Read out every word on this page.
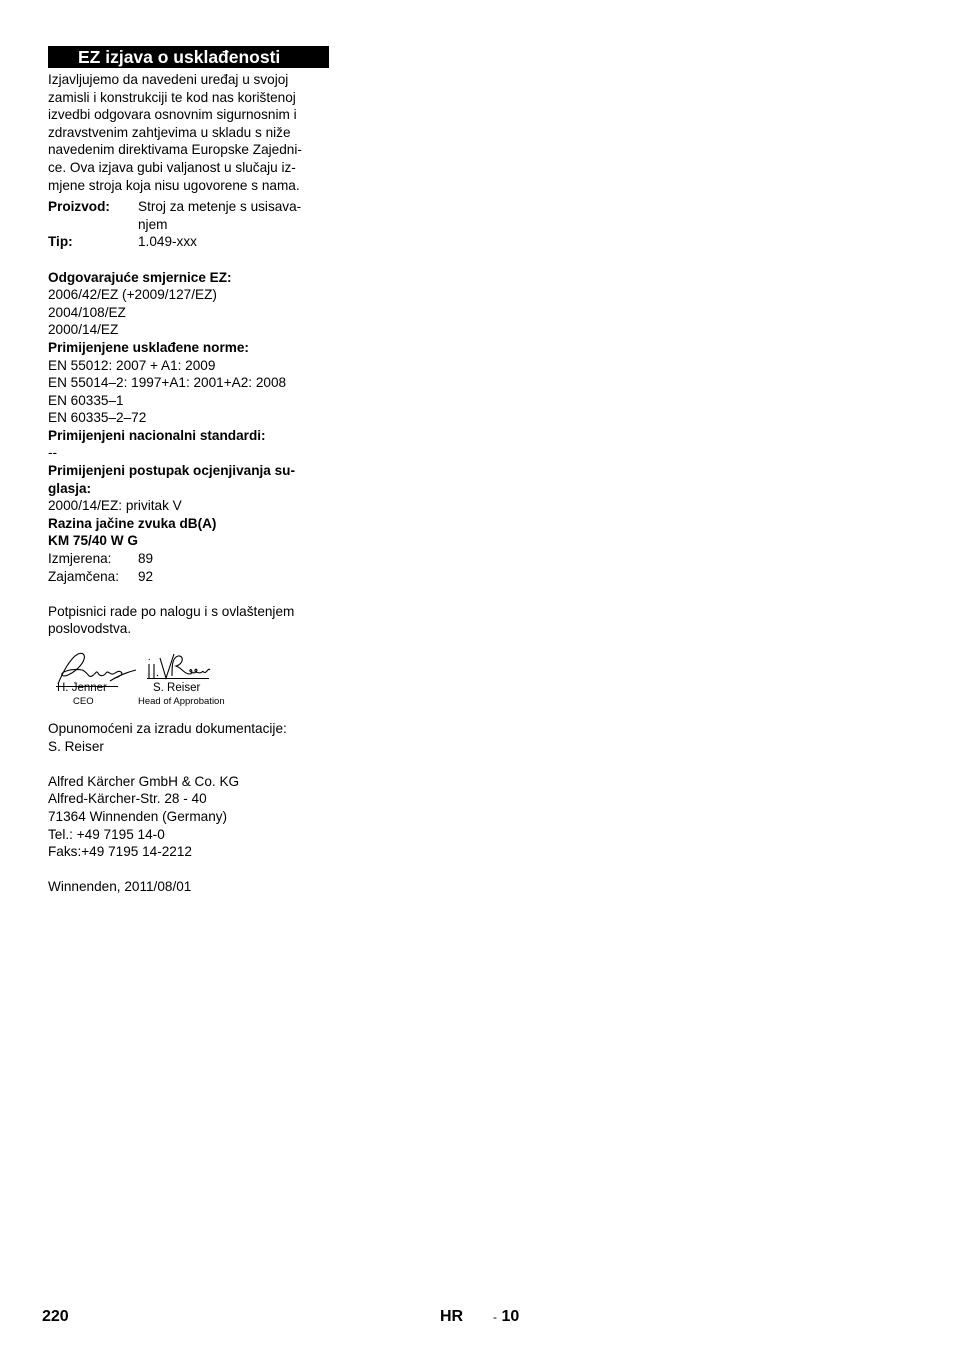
EZ izjava o usklađenosti
Izjavljujemo da navedeni uređaj u svojoj
zamisli i konstrukciji te kod nas korištenoj
izvedbi odgovara osnovnim sigurnosnim i
zdravstvenim zahtjevima u skladu s niže
navedenim direktivama Europske Zajedni-
ce. Ova izjava gubi valjanost u slučaju iz-
mjene stroja koja nisu ugovorene s nama.
Proizvod:	Stroj za metenje s usisava-
njem
Tip:	1.049-xxx
Odgovarajuće smjernice EZ:
2006/42/EZ (+2009/127/EZ)
2004/108/EZ
2000/14/EZ
Primijenjene usklađene norme:
EN 55012: 2007 + A1: 2009
EN 55014–2: 1997+A1: 2001+A2: 2008
EN 60335–1
EN 60335–2–72
Primijenjeni nacionalni standardi:
--
Primijenjeni postupak ocjenjivanja su-
glasja:
2000/14/EZ: privitak V
Razina jačine zvuka dB(A)
KM 75/40 W G
Izmjerena:	89
Zajamčena:	92
Potpisnici rade po nalogu i s ovlaštenjem
poslovodstva.
H. Jenner
CEO
S. Reiser
Head of Approbation
Opunomoćeni za izradu dokumentacije:
S. Reiser
Alfred Kärcher GmbH & Co. KG
Alfred-Kärcher-Str. 28 - 40
71364 Winnenden (Germany)
Tel.: +49 7195 14-0
Faks:+49 7195 14-2212
Winnenden, 2011/08/01
220	HR - 10
